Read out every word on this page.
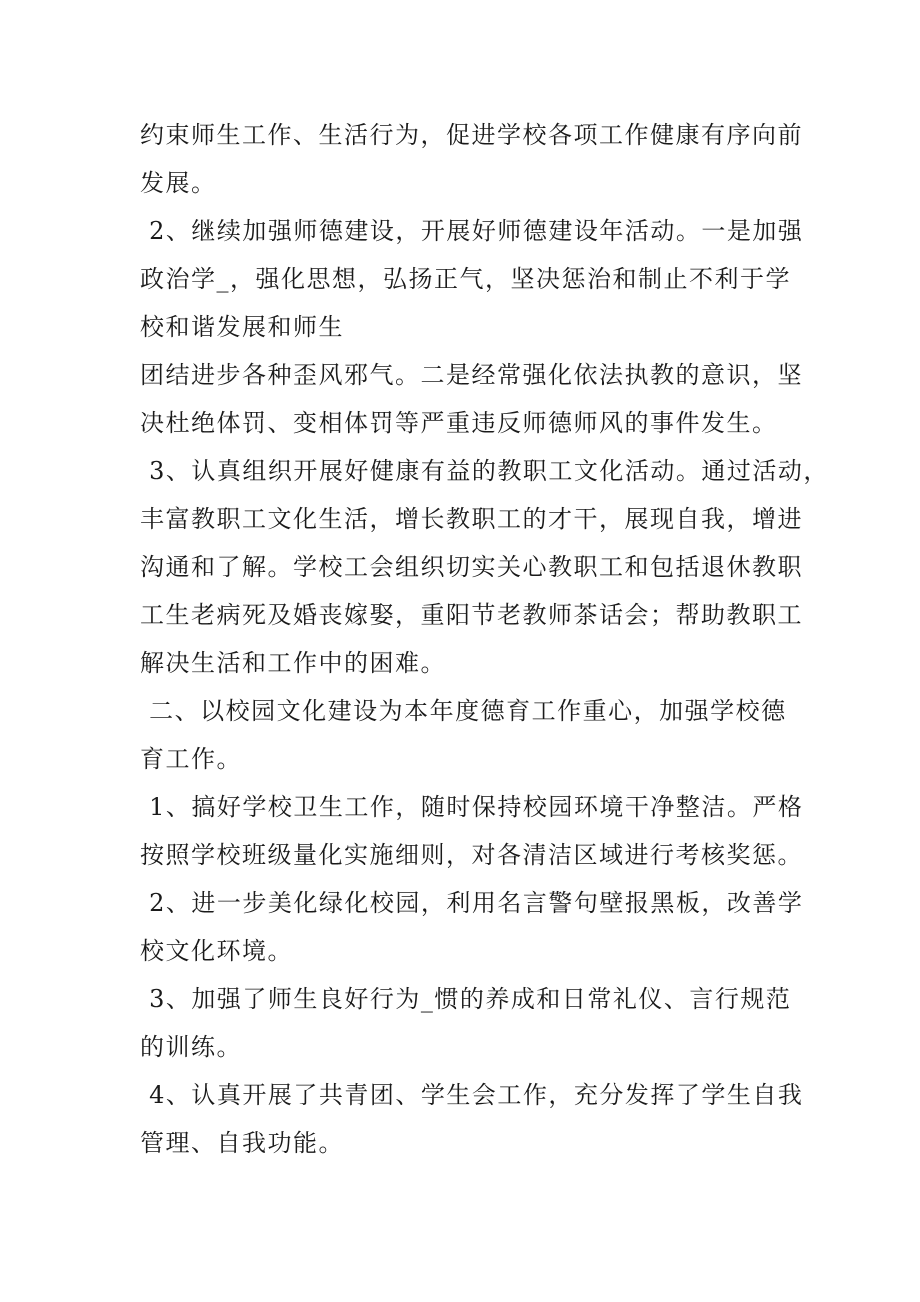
约束师生工作、生活行为，促进学校各项工作健康有序向前
发展。
2、继续加强师德建设，开展好师德建设年活动。一是加强
政治学_，强化思想，弘扬正气，坚决惩治和制止不利于学
校和谐发展和师生
团结进步各种歪风邪气。二是经常强化依法执教的意识，坚
决杜绝体罚、变相体罚等严重违反师德师风的事件发生。
3、认真组织开展好健康有益的教职工文化活动。通过活动，
丰富教职工文化生活，增长教职工的才干，展现自我，增进
沟通和了解。学校工会组织切实关心教职工和包括退休教职
工生老病死及婚丧嫁娶，重阳节老教师茶话会；帮助教职工
解决生活和工作中的困难。
二、以校园文化建设为本年度德育工作重心，加强学校德
育工作。
1、搞好学校卫生工作，随时保持校园环境干净整洁。严格
按照学校班级量化实施细则，对各清洁区域进行考核奖惩。
2、进一步美化绿化校园，利用名言警句壁报黑板，改善学
校文化环境。
3、加强了师生良好行为_惯的养成和日常礼仪、言行规范
的训练。
4、认真开展了共青团、学生会工作，充分发挥了学生自我
管理、自我功能。
